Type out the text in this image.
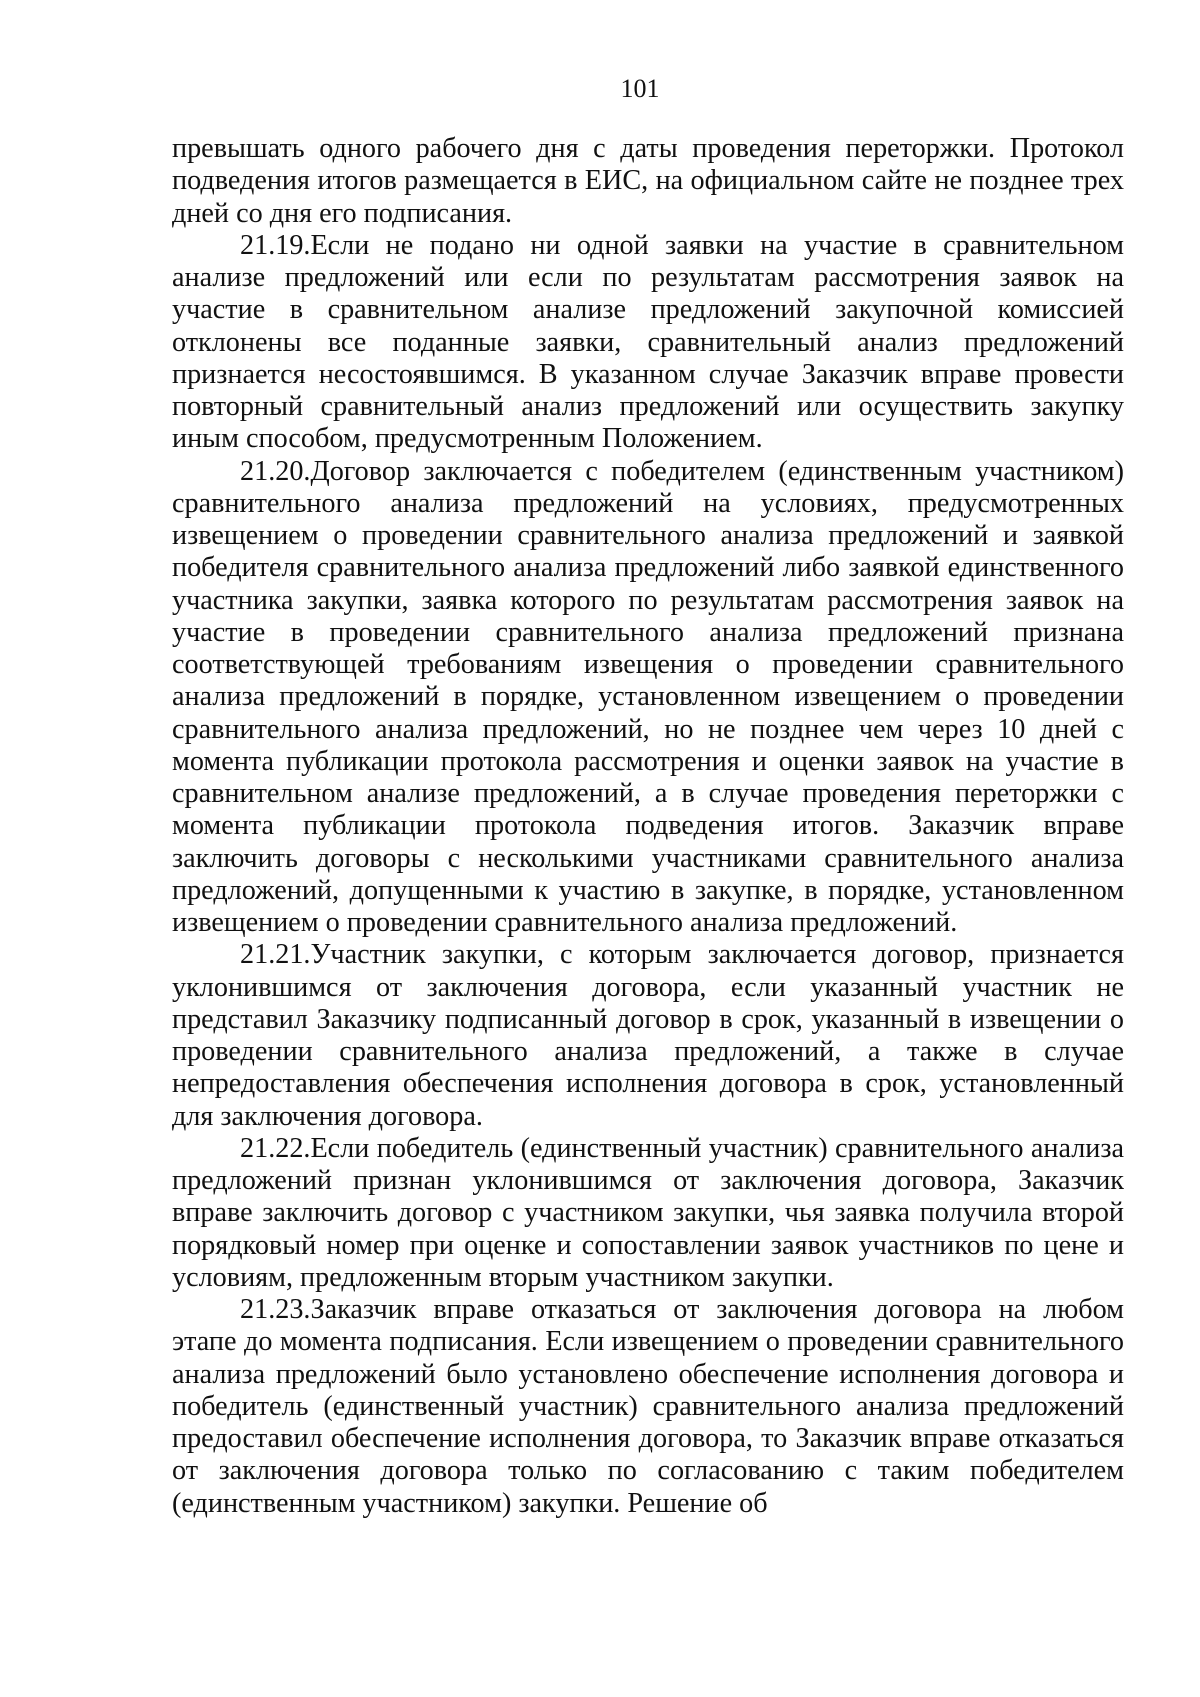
101

превышать одного рабочего дня с даты проведения переторжки. Протокол подведения итогов размещается в ЕИС, на официальном сайте не позднее трех дней со дня его подписания.

21.19.Если не подано ни одной заявки на участие в сравнительном анализе предложений или если по результатам рассмотрения заявок на участие в сравнительном анализе предложений закупочной комиссией отклонены все поданные заявки, сравнительный анализ предложений признается несостоявшимся. В указанном случае Заказчик вправе провести повторный сравнительный анализ предложений или осуществить закупку иным способом, предусмотренным Положением.

21.20.Договор заключается с победителем (единственным участником) сравнительного анализа предложений на условиях, предусмотренных извещением о проведении сравнительного анализа предложений и заявкой победителя сравнительного анализа предложений либо заявкой единственного участника закупки, заявка которого по результатам рассмотрения заявок на участие в проведении сравнительного анализа предложений признана соответствующей требованиям извещения о проведении сравнительного анализа предложений в порядке, установленном извещением о проведении сравнительного анализа предложений, но не позднее чем через 10 дней с момента публикации протокола рассмотрения и оценки заявок на участие в сравнительном анализе предложений, а в случае проведения переторжки с момента публикации протокола подведения итогов. Заказчик вправе заключить договоры с несколькими участниками сравнительного анализа предложений, допущенными к участию в закупке, в порядке, установленном извещением о проведении сравнительного анализа предложений.

21.21.Участник закупки, с которым заключается договор, признается уклонившимся от заключения договора, если указанный участник не представил Заказчику подписанный договор в срок, указанный в извещении о проведении сравнительного анализа предложений, а также в случае непредоставления обеспечения исполнения договора в срок, установленный для заключения договора.

21.22.Если победитель (единственный участник) сравнительного анализа предложений признан уклонившимся от заключения договора, Заказчик вправе заключить договор с участником закупки, чья заявка получила второй порядковый номер при оценке и сопоставлении заявок участников по цене и условиям, предложенным вторым участником закупки.

21.23.Заказчик вправе отказаться от заключения договора на любом этапе до момента подписания. Если извещением о проведении сравнительного анализа предложений было установлено обеспечение исполнения договора и победитель (единственный участник) сравнительного анализа предложений предоставил обеспечение исполнения договора, то Заказчик вправе отказаться от заключения договора только по согласованию с таким победителем (единственным участником) закупки. Решение об
